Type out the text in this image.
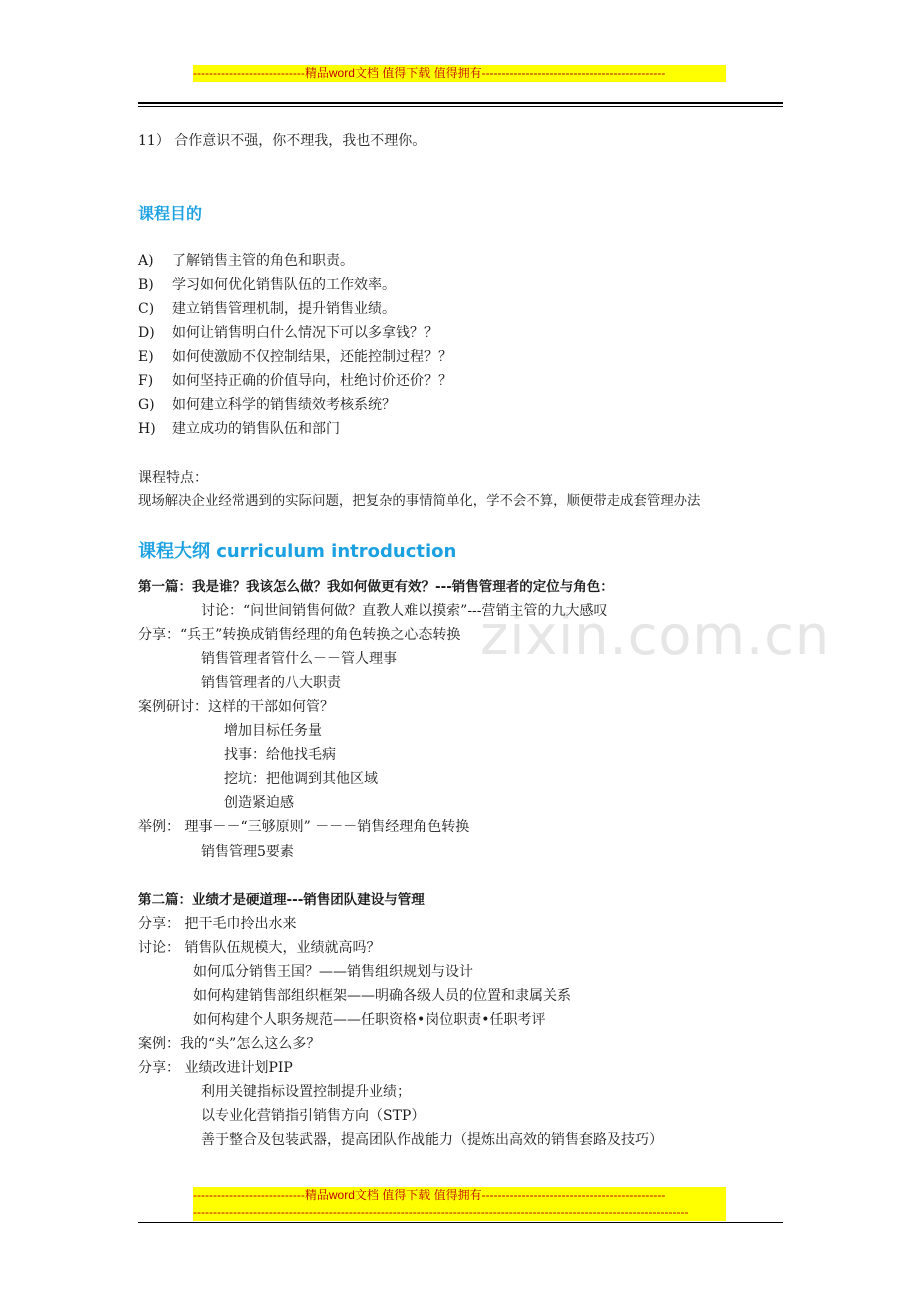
----------------------------精品word文档 值得下载 值得拥有----------------------------------------------
zixin.com.cn
11） 合作意识不强，你不理我，我也不理你。
课程目的
A) 了解销售主管的角色和职责。
B) 学习如何优化销售队伍的工作效率。
C) 建立销售管理机制，提升销售业绩。
D) 如何让销售明白什么情况下可以多拿钱？？
E) 如何使激励不仅控制结果，还能控制过程？？
F) 如何坚持正确的价值导向，杜绝讨价还价？？
G) 如何建立科学的销售绩效考核系统？
H) 建立成功的销售队伍和部门
课程特点：
现场解决企业经常遇到的实际问题，把复杂的事情简单化，学不会不算，顺便带走成套管理办法
课程大纲 curriculum introduction
第一篇：我是谁？我该怎么做？我如何做更有效？---销售管理者的定位与角色：
讨论：“问世间销售何做？直教人难以摸索”---营销主管的九大感叹
分享：“兵王”转换成销售经理的角色转换之心态转换
销售管理者管什么－－管人理事
销售管理者的八大职责
案例研讨：这样的干部如何管？
增加目标任务量
找事：给他找毛病
挖坑：把他调到其他区域
创造紧迫感
举例： 理事－－“三够原则” －－－销售经理角色转换
销售管理5要素
第二篇：业绩才是硬道理---销售团队建设与管理
分享： 把干毛巾拎出水来
讨论： 销售队伍规模大，业绩就高吗？
如何瓜分销售王国？——销售组织规划与设计
如何构建销售部组织框架——明确各级人员的位置和隶属关系
如何构建个人职务规范——任职资格•岗位职责•任职考评
案例：我的“头”怎么这么多？
分享： 业绩改进计划PIP
利用关键指标设置控制提升业绩；
以专业化营销指引销售方向（STP）
善于整合及包装武器，提高团队作战能力（提炼出高效的销售套路及技巧）
----------------------------精品word文档 值得下载 值得拥有----------------------------------------------
----------------------------------------------------------------------------------------------------------------------------
